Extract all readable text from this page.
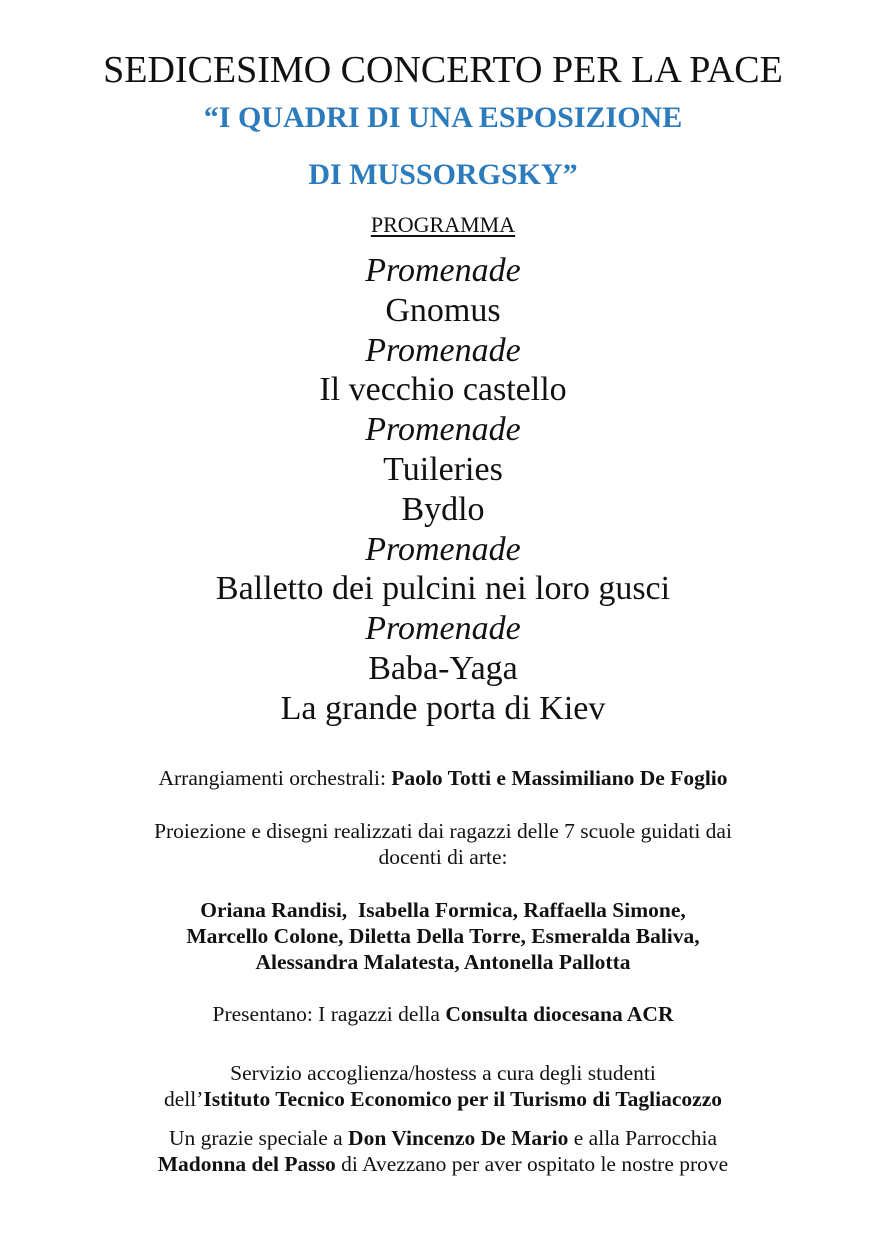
SEDICESIMO CONCERTO PER LA PACE
“I QUADRI DI UNA ESPOSIZIONE
DI MUSSORGSKY”
PROGRAMMA
Promenade
Gnomus
Promenade
Il vecchio castello
Promenade
Tuileries
Bydlo
Promenade
Balletto dei pulcini nei loro gusci
Promenade
Baba-Yaga
La grande porta di Kiev
Arrangiamenti orchestrali: Paolo Totti e Massimiliano De Foglio
Proiezione e disegni realizzati dai ragazzi delle 7 scuole guidati dai
docenti di arte:
Oriana Randisi,  Isabella Formica, Raffaella Simone,
Marcello Colone, Diletta Della Torre, Esmeralda Baliva,
Alessandra Malatesta, Antonella Pallotta
Presentano: I ragazzi della Consulta diocesana ACR
Servizio accoglienza/hostess a cura degli studenti
dell’Istituto Tecnico Economico per il Turismo di Tagliacozzo
Un grazie speciale a Don Vincenzo De Mario e alla Parrocchia
Madonna del Passo di Avezzano per aver ospitato le nostre prove
